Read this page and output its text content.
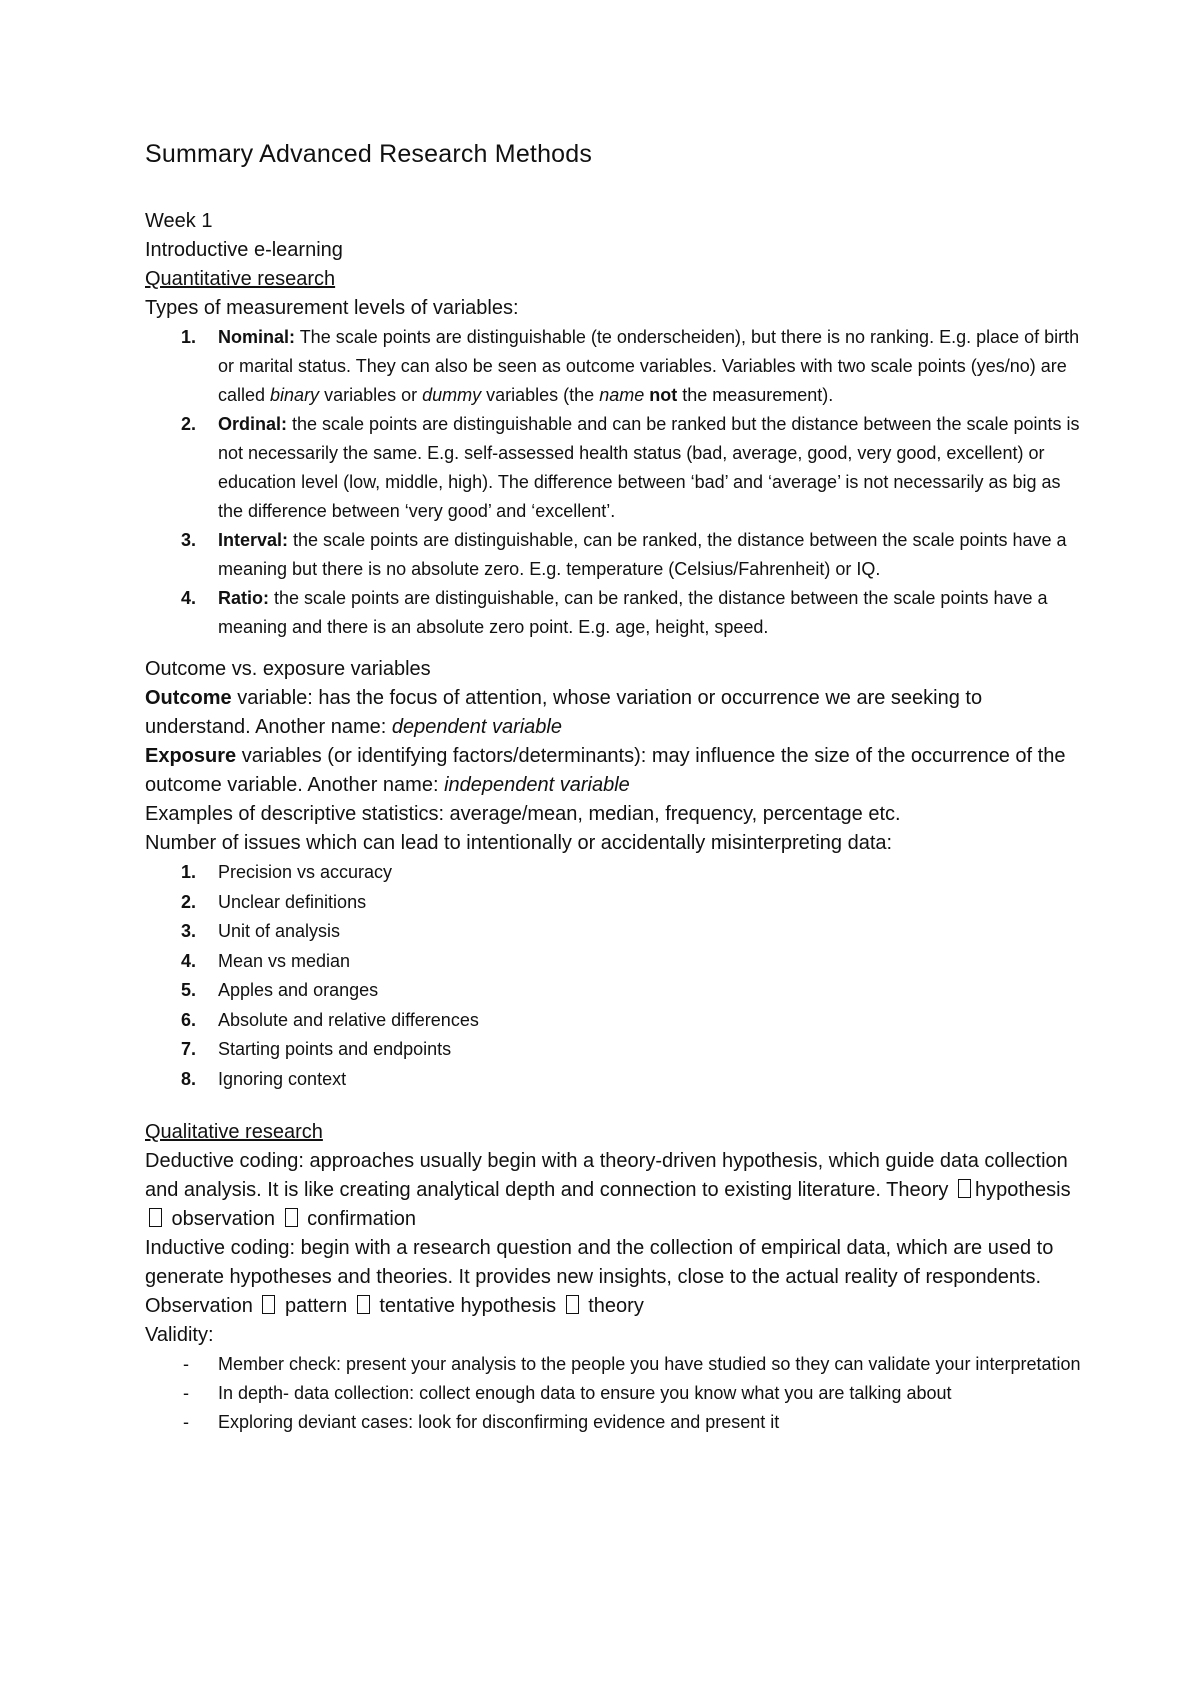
Summary Advanced Research Methods
Week 1
Introductive e-learning
Quantitative research
Types of measurement levels of variables:
1. Nominal: The scale points are distinguishable (te onderscheiden), but there is no ranking. E.g. place of birth or marital status. They can also be seen as outcome variables. Variables with two scale points (yes/no) are called binary variables or dummy variables (the name not the measurement).
2. Ordinal: the scale points are distinguishable and can be ranked but the distance between the scale points is not necessarily the same. E.g. self-assessed health status (bad, average, good, very good, excellent) or education level (low, middle, high). The difference between ‘bad’ and ‘average’ is not necessarily as big as the difference between ‘very good’ and ‘excellent’.
3. Interval: the scale points are distinguishable, can be ranked, the distance between the scale points have a meaning but there is no absolute zero. E.g. temperature (Celsius/Fahrenheit) or IQ.
4. Ratio: the scale points are distinguishable, can be ranked, the distance between the scale points have a meaning and there is an absolute zero point. E.g. age, height, speed.
Outcome vs. exposure variables
Outcome variable: has the focus of attention, whose variation or occurrence we are seeking to understand. Another name: dependent variable
Exposure variables (or identifying factors/determinants): may influence the size of the occurrence of the outcome variable. Another name: independent variable
Examples of descriptive statistics: average/mean, median, frequency, percentage etc.
Number of issues which can lead to intentionally or accidentally misinterpreting data:
1. Precision vs accuracy
2. Unclear definitions
3. Unit of analysis
4. Mean vs median
5. Apples and oranges
6. Absolute and relative differences
7. Starting points and endpoints
8. Ignoring context
Qualitative research
Deductive coding: approaches usually begin with a theory-driven hypothesis, which guide data collection and analysis. It is like creating analytical depth and connection to existing literature. Theory hypothesis  observation  confirmation
Inductive coding: begin with a research question and the collection of empirical data, which are used to generate hypotheses and theories. It provides new insights, close to the actual reality of respondents. Observation  pattern  tentative hypothesis  theory
Validity:
- Member check: present your analysis to the people you have studied so they can validate your interpretation
- In depth- data collection: collect enough data to ensure you know what you are talking about
- Exploring deviant cases: look for disconfirming evidence and present it
